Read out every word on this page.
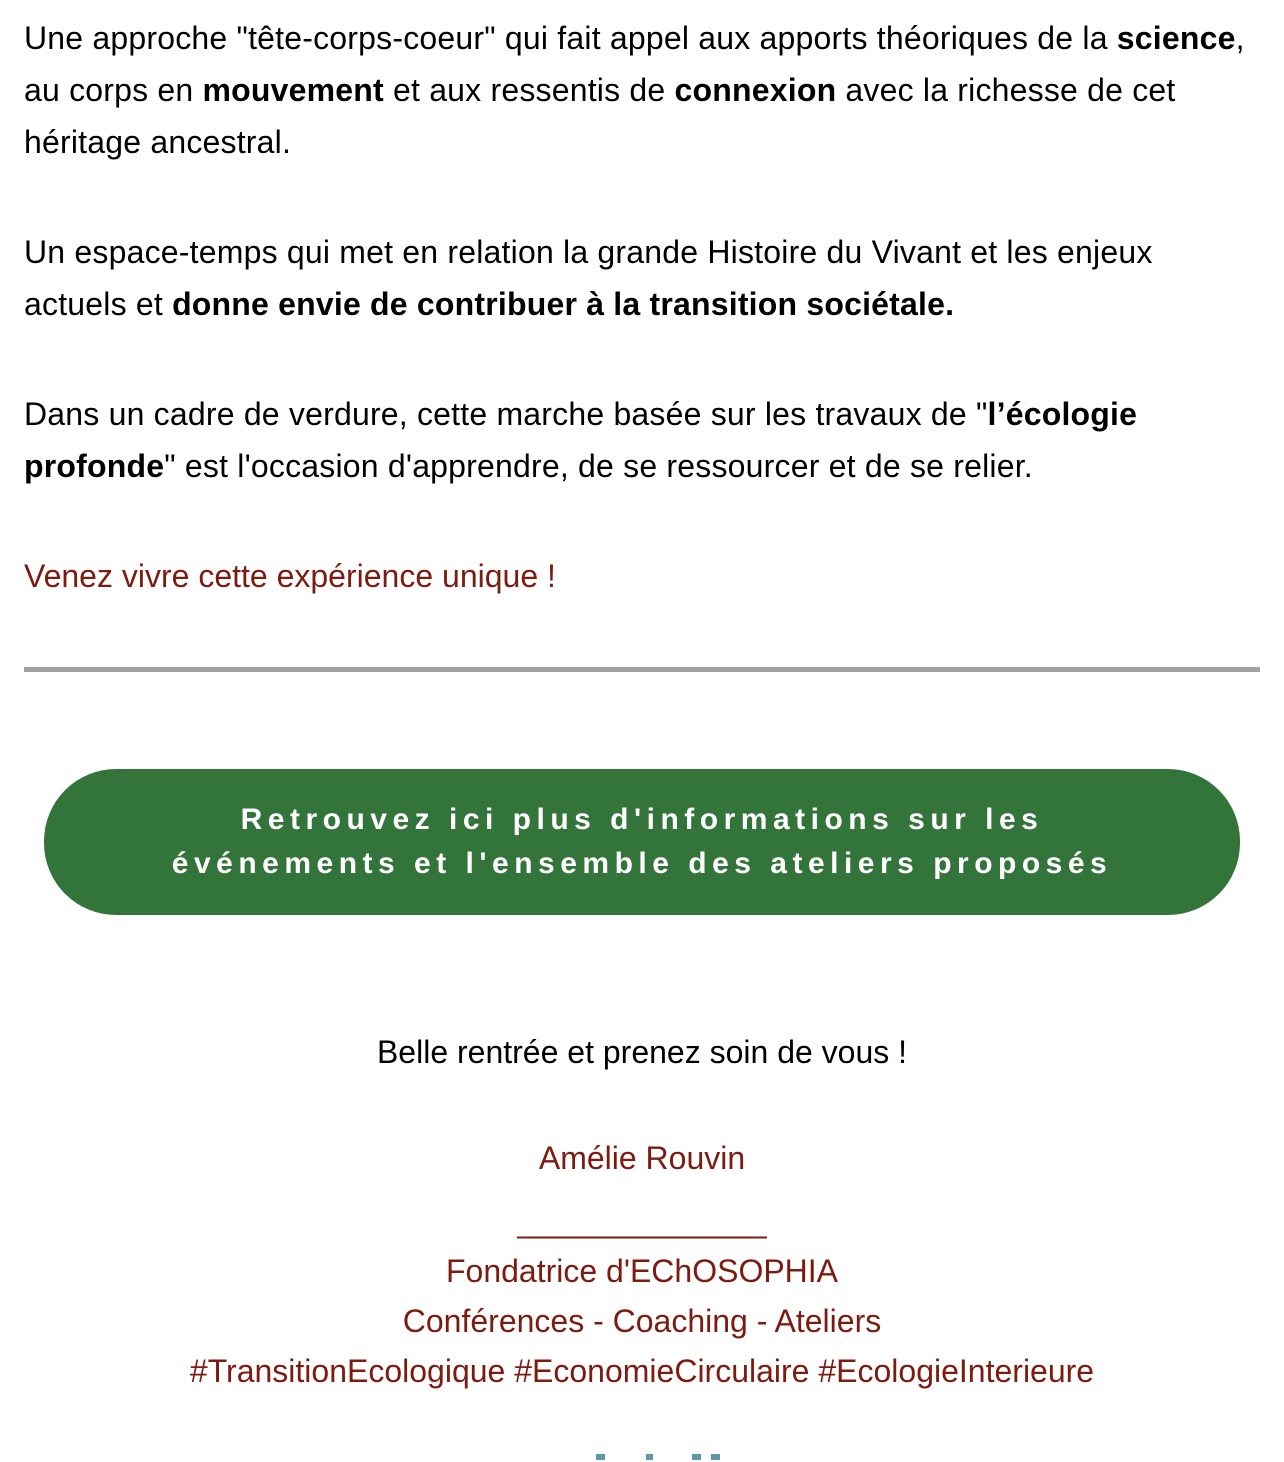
Une approche "tête-corps-coeur" qui fait appel aux apports théoriques de la science, au corps en mouvement et aux ressentis de connexion avec la richesse de cet héritage ancestral.

Un espace-temps qui met en relation la grande Histoire du Vivant et les enjeux actuels et donne envie de contribuer à la transition sociétale.

Dans un cadre de verdure, cette marche basée sur les travaux de "l’écologie profonde" est l'occasion d'apprendre, de se ressourcer et de se relier.

Venez vivre cette expérience unique !

Retrouvez ici plus d'informations sur les
événements et l'ensemble des ateliers proposés
Belle rentrée et prenez soin de vous !
Amélie Rouvin
______________
Fondatrice d'EChOSOPHIA
Conférences - Coaching - Ateliers
#TransitionEcologique #EconomieCirculaire #EcologieInterieure
